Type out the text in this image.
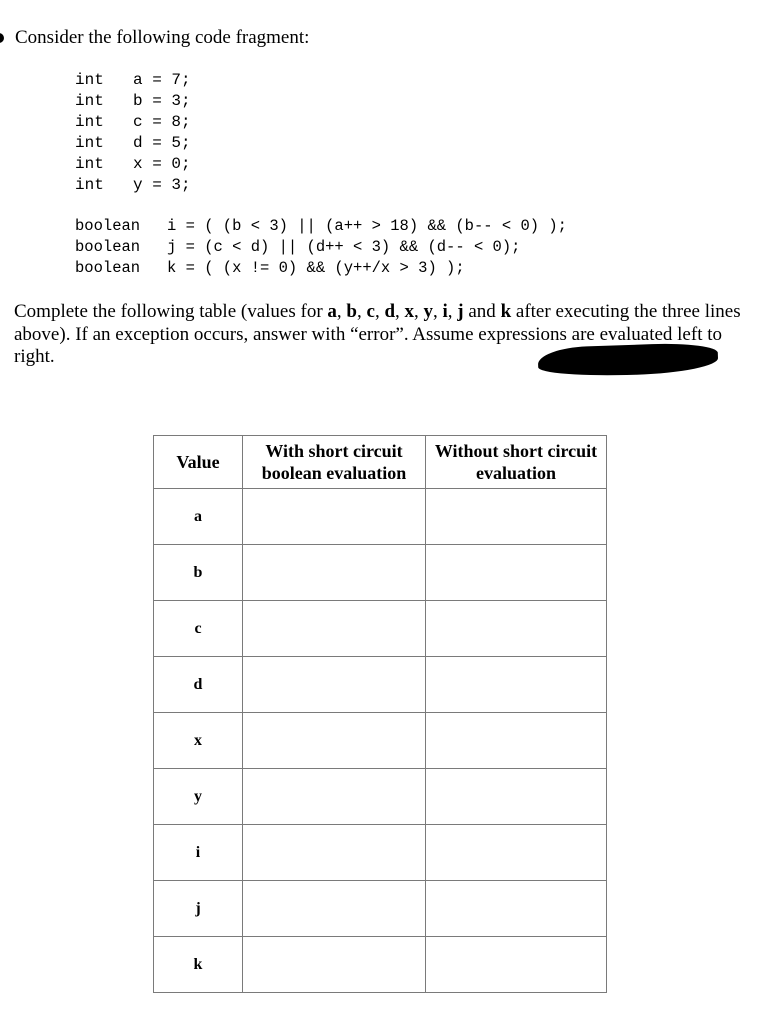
Consider the following code fragment:
int a = 7;
int b = 3;
int c = 8;
int d = 5;
int x = 0;
int y = 3;
boolean i = ( (b < 3) || (a++ > 18) && (b-- < 0) );
boolean j = (c < d) || (d++ < 3) && (d-- < 0);
boolean k = ( (x != 0) && (y++/x > 3) );
Complete the following table (values for a, b, c, d, x, y, i, j and k after executing the three lines above). If an exception occurs, answer with “error”. Assume expressions are evaluated left to right.
Value	With short circuit boolean evaluation	Without short circuit evaluation
a		
b		
c		
d		
x		
y		
i		
j		
k		
